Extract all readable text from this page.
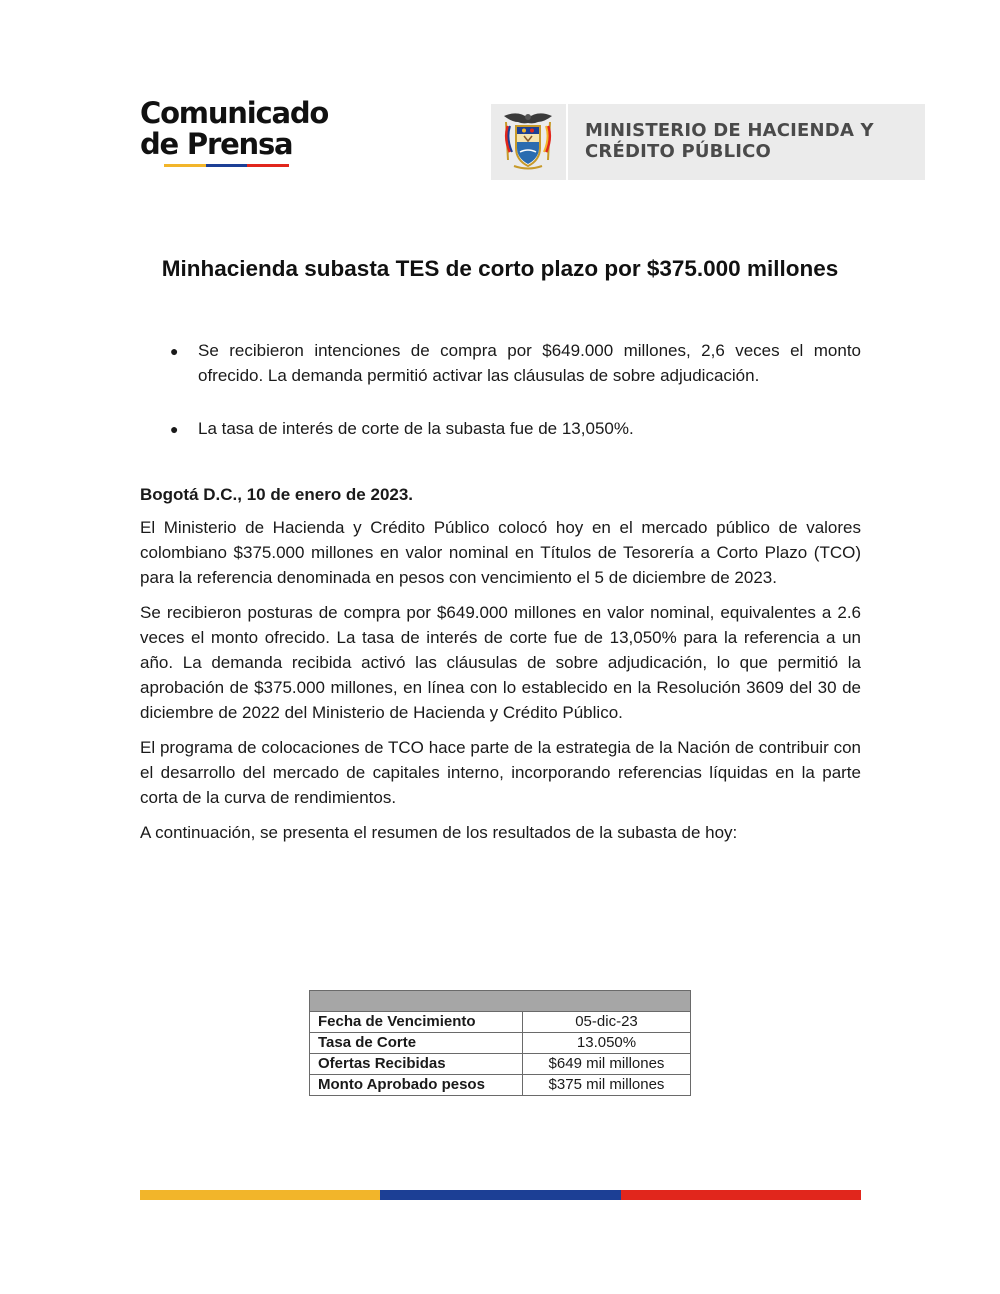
Comunicado
de Prensa	MINISTERIO DE HACIENDA Y
CRÉDITO PÚBLICO
Minhacienda subasta TES de corto plazo por $375.000 millones
● Se recibieron intenciones de compra por $649.000 millones, 2,6 veces el monto ofrecido. La demanda permitió activar las cláusulas de sobre adjudicación.
● La tasa de interés de corte de la subasta fue de 13,050%.

Bogotá D.C., 10 de enero de 2023.

El Ministerio de Hacienda y Crédito Público colocó hoy en el mercado público de valores colombiano $375.000 millones en valor nominal en Títulos de Tesorería a Corto Plazo (TCO) para la referencia denominada en pesos con vencimiento el 5 de diciembre de 2023.

Se recibieron posturas de compra por $649.000 millones en valor nominal, equivalentes a 2.6 veces el monto ofrecido. La tasa de interés de corte fue de 13,050% para la referencia a un año. La demanda recibida activó las cláusulas de sobre adjudicación, lo que permitió la aprobación de $375.000 millones, en línea con lo establecido en la Resolución 3609 del 30 de diciembre de 2022 del Ministerio de Hacienda y Crédito Público.

El programa de colocaciones de TCO hace parte de la estrategia de la Nación de contribuir con el desarrollo del mercado de capitales interno, incorporando referencias líquidas en la parte corta de la curva de rendimientos.

A continuación, se presenta el resumen de los resultados de la subasta de hoy:

Fecha de Vencimiento	05-dic-23
Tasa de Corte	13.050%
Ofertas Recibidas	$649 mil millones
Monto Aprobado pesos	$375 mil millones
